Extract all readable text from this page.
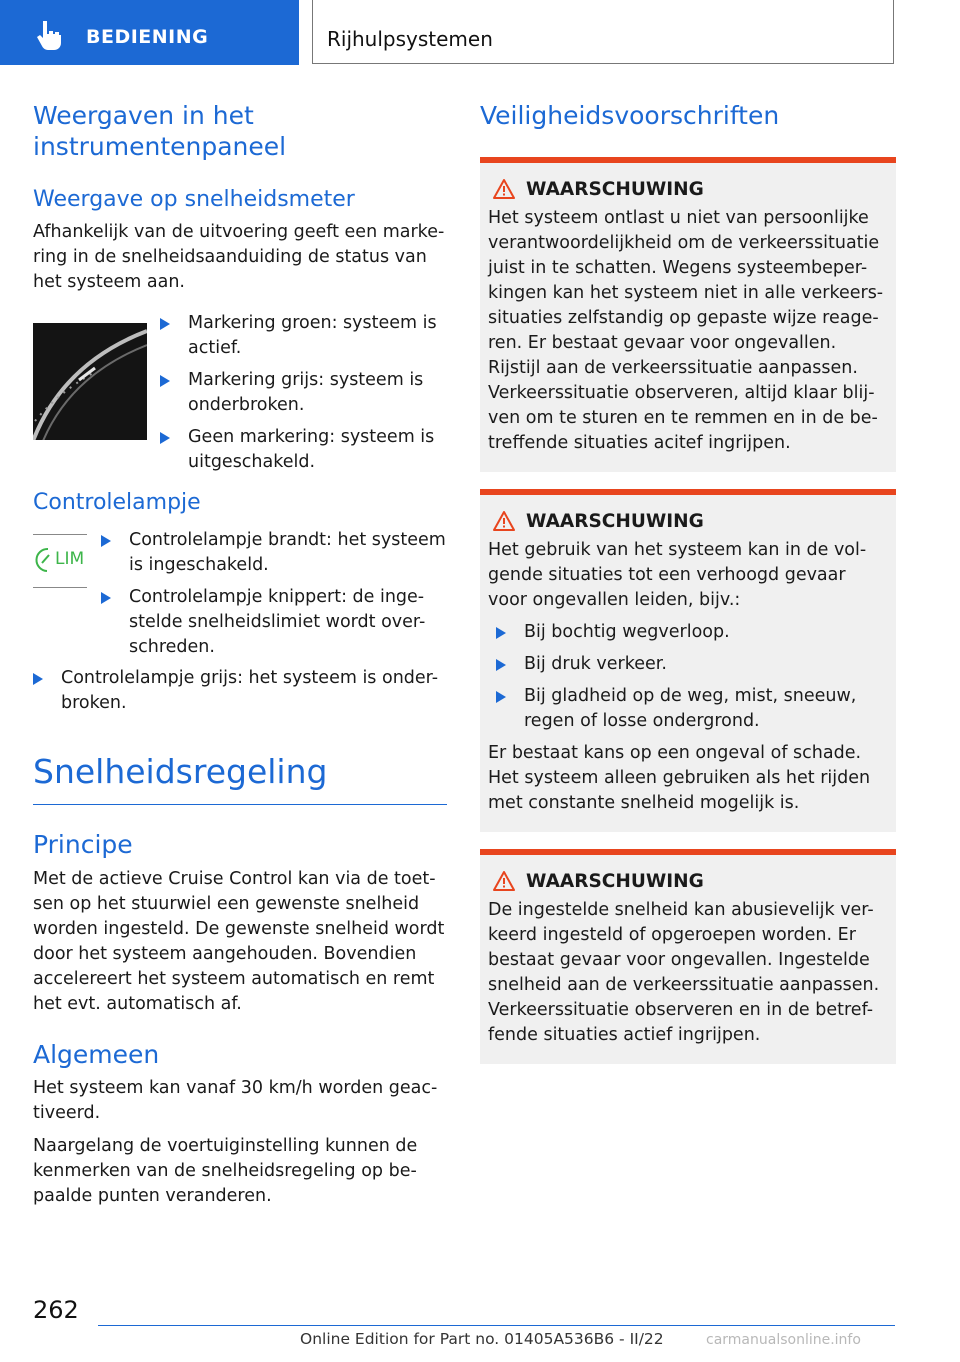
BEDIENING	Rijhulpsystemen
Weergaven in het instrumentenpaneel
Weergave op snelheidsmeter

Afhankelijk van de uitvoering geeft een marke- ring in de snelheidsaanduiding de status van het systeem aan.

Markering groen: systeem is actief.
Markering grijs: systeem is onderbroken.
Geen markering: systeem is uitgeschakeld.
Controlelampje
LIM
Controlelampje brandt: het systeem is ingeschakeld.
Controlelampje knippert: de inge- stelde snelheidslimiet wordt over- schreden.
Controlelampje grijs: het systeem is onder- broken.
Snelheidsregeling
Principe

Met de actieve Cruise Control kan via de toet- sen op het stuurwiel een gewenste snelheid worden ingesteld. De gewenste snelheid wordt door het systeem aangehouden. Bovendien accelereert het systeem automatisch en remt het evt. automatisch af.

Algemeen

Het systeem kan vanaf 30 km/h worden geac- tiveerd.

Naargelang de voertuiginstelling kunnen de kenmerken van de snelheidsregeling op be- paalde punten veranderen.

Veiligheidsvoorschriften
WAARSCHUWING

Het systeem ontlast u niet van persoonlijke verantwoordelijkheid om de verkeerssituatie juist in te schatten. Wegens systeembeper- kingen kan het systeem niet in alle verkeers- situaties zelfstandig op gepaste wijze reage- ren. Er bestaat gevaar voor ongevallen. Rijstijl aan de verkeerssituatie aanpassen. Verkeerssituatie observeren, altijd klaar blij- ven om te sturen en te remmen en in de be- treffende situaties acitef ingrijpen.

WAARSCHUWING

Het gebruik van het systeem kan in de vol- gende situaties tot een verhoogd gevaar voor ongevallen leiden, bijv.:

Bij bochtig wegverloop.
Bij druk verkeer.
Bij gladheid op de weg, mist, sneeuw, regen of losse ondergrond.

Er bestaat kans op een ongeval of schade. Het systeem alleen gebruiken als het rijden met constante snelheid mogelijk is.

WAARSCHUWING

De ingestelde snelheid kan abusievelijk ver- keerd ingesteld of opgeroepen worden. Er bestaat gevaar voor ongevallen. Ingestelde snelheid aan de verkeerssituatie aanpassen. Verkeerssituatie observeren en in de betref- fende situaties actief ingrijpen.

262
Online Edition for Part no. 01405A536B6 - II/22	carmanualsonline.info
